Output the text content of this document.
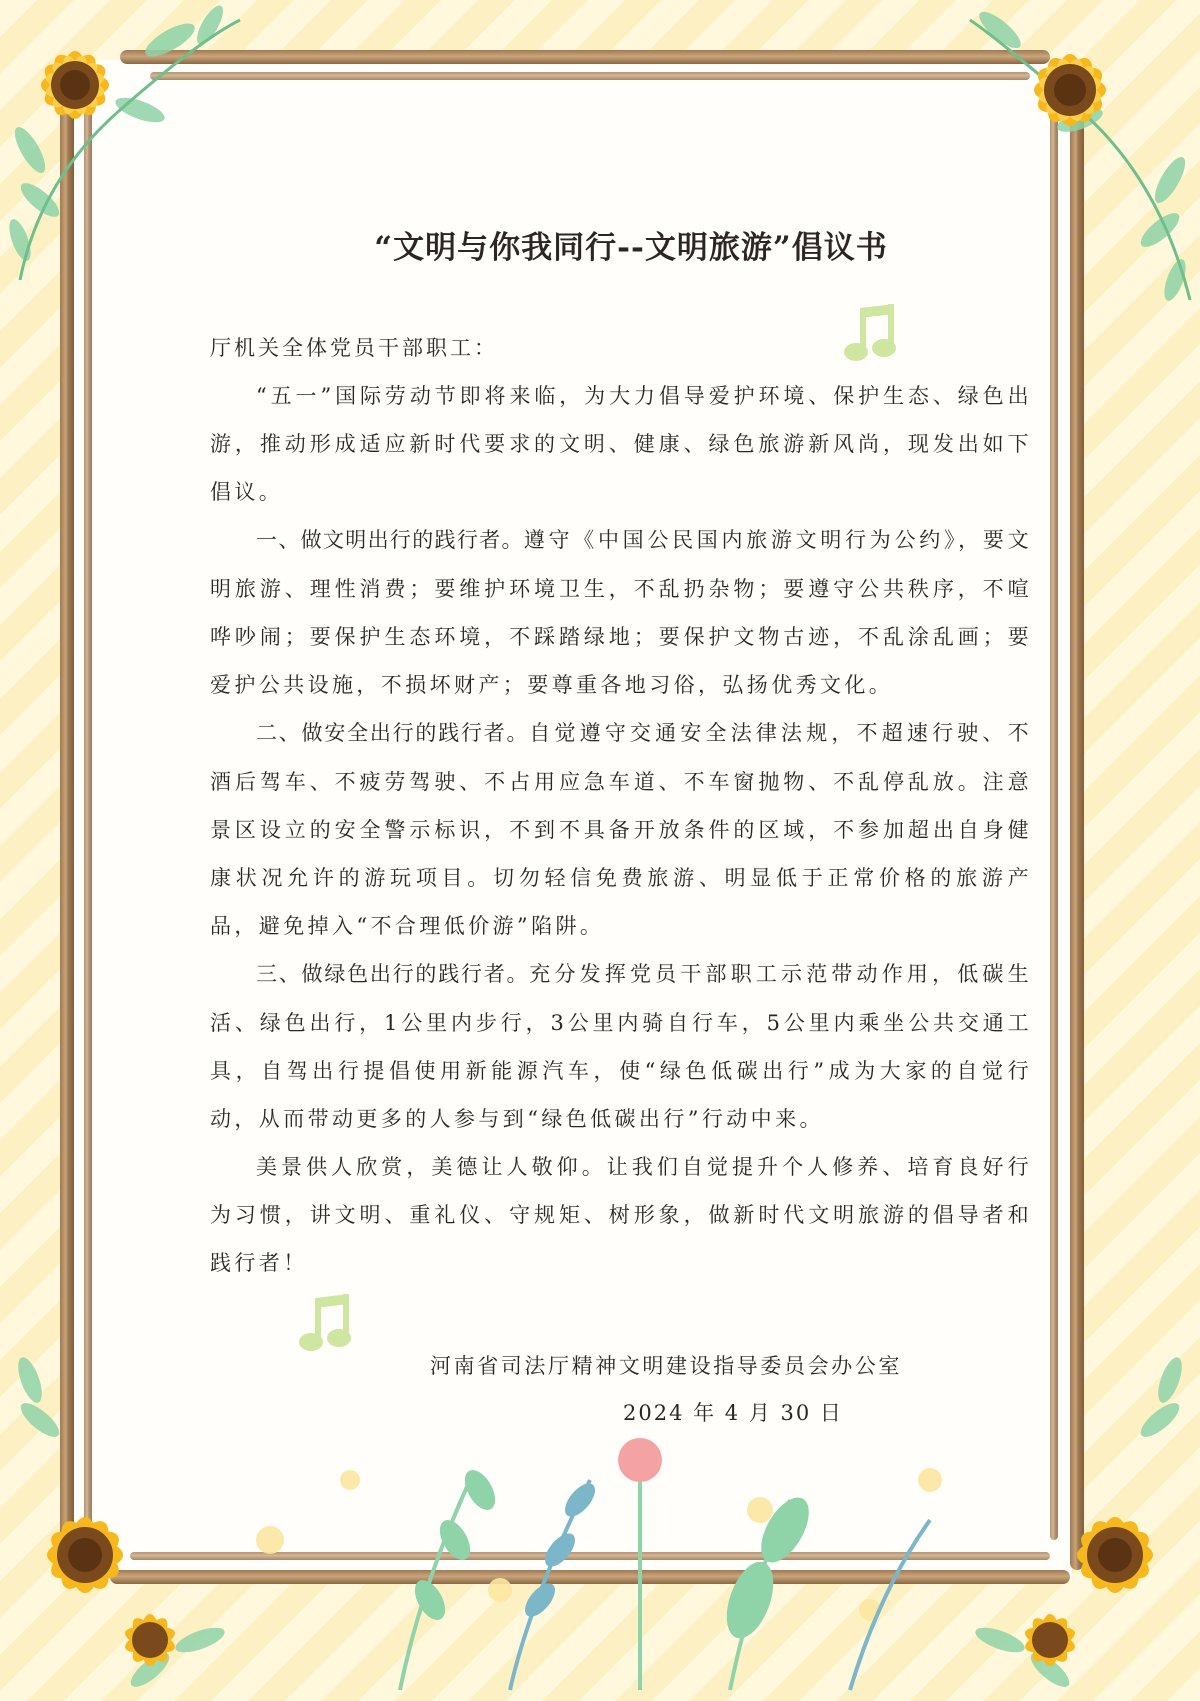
“文明与你我同行--文明旅游”倡议书

厅机关全体党员干部职工：

“五一”国际劳动节即将来临，为大力倡导爱护环境、保护生态、绿色出游，推动形成适应新时代要求的文明、健康、绿色旅游新风尚，现发出如下倡议。

一、做文明出行的践行者。遵守《中国公民国内旅游文明行为公约》，要文明旅游、理性消费；要维护环境卫生，不乱扔杂物；要遵守公共秩序，不喧哗吵闹；要保护生态环境，不踩踏绿地；要保护文物古迹，不乱涂乱画；要爱护公共设施，不损坏财产；要尊重各地习俗，弘扬优秀文化。

二、做安全出行的践行者。自觉遵守交通安全法律法规，不超速行驶、不酒后驾车、不疲劳驾驶、不占用应急车道、不车窗抛物、不乱停乱放。注意景区设立的安全警示标识，不到不具备开放条件的区域，不参加超出自身健康状况允许的游玩项目。切勿轻信免费旅游、明显低于正常价格的旅游产品，避免掉入“不合理低价游”陷阱。

三、做绿色出行的践行者。充分发挥党员干部职工示范带动作用，低碳生活、绿色出行，1公里内步行，3公里内骑自行车，5公里内乘坐公共交通工具，自驾出行提倡使用新能源汽车，使“绿色低碳出行”成为大家的自觉行动，从而带动更多的人参与到“绿色低碳出行”行动中来。

美景供人欣赏，美德让人敬仰。让我们自觉提升个人修养、培育良好行为习惯，讲文明、重礼仪、守规矩、树形象，做新时代文明旅游的倡导者和践行者！

河南省司法厅精神文明建设指导委员会办公室
2024 年 4 月 30 日
